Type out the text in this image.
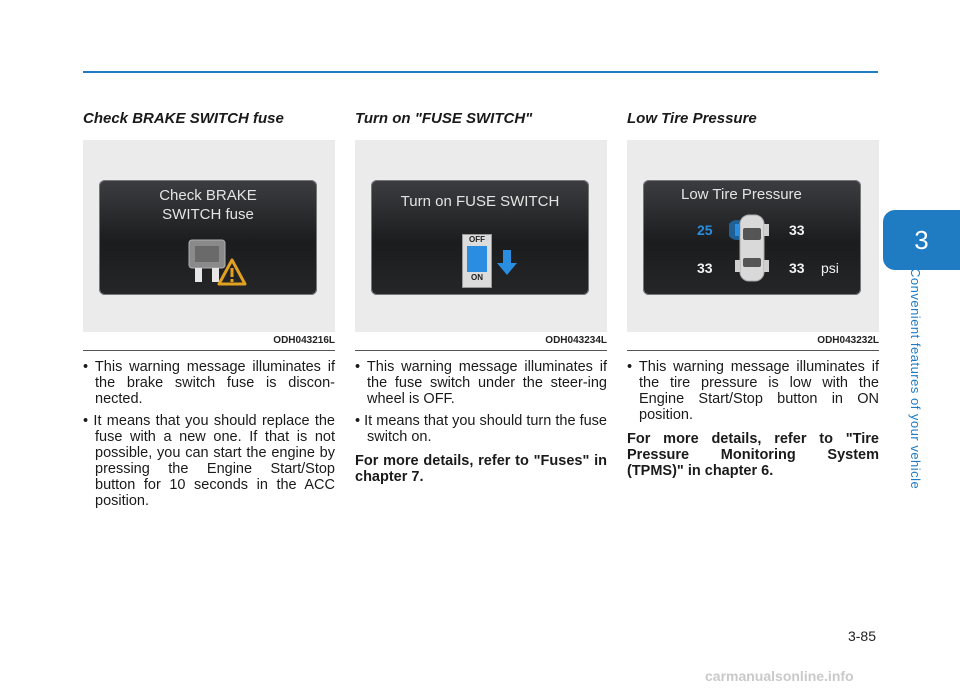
Check BRAKE SWITCH fuse
Check BRAKE
SWITCH fuse
ODH043216L
• This warning message illuminates if the brake switch fuse is discon-nected.
• It means that you should replace the fuse with a new one. If that is not possible, you can start the engine by pressing the Engine Start/Stop button for 10 seconds in the ACC position.
Turn on "FUSE SWITCH"
Turn on FUSE SWITCH
OFF
ON
ODH043234L
• This warning message illuminates if the fuse switch under the steer-ing wheel is OFF.
• It means that you should turn the fuse switch on.
For more details, refer to "Fuses" in chapter 7.
Low Tire Pressure
Low Tire Pressure
25	33
33	33 psi
ODH043232L
• This warning message illuminates if the tire pressure is low with the Engine Start/Stop button in ON position.
For more details, refer to "Tire Pressure Monitoring System (TPMS)" in chapter 6.
3
Convenient features of your vehicle
3-85
carmanualsonline.info
